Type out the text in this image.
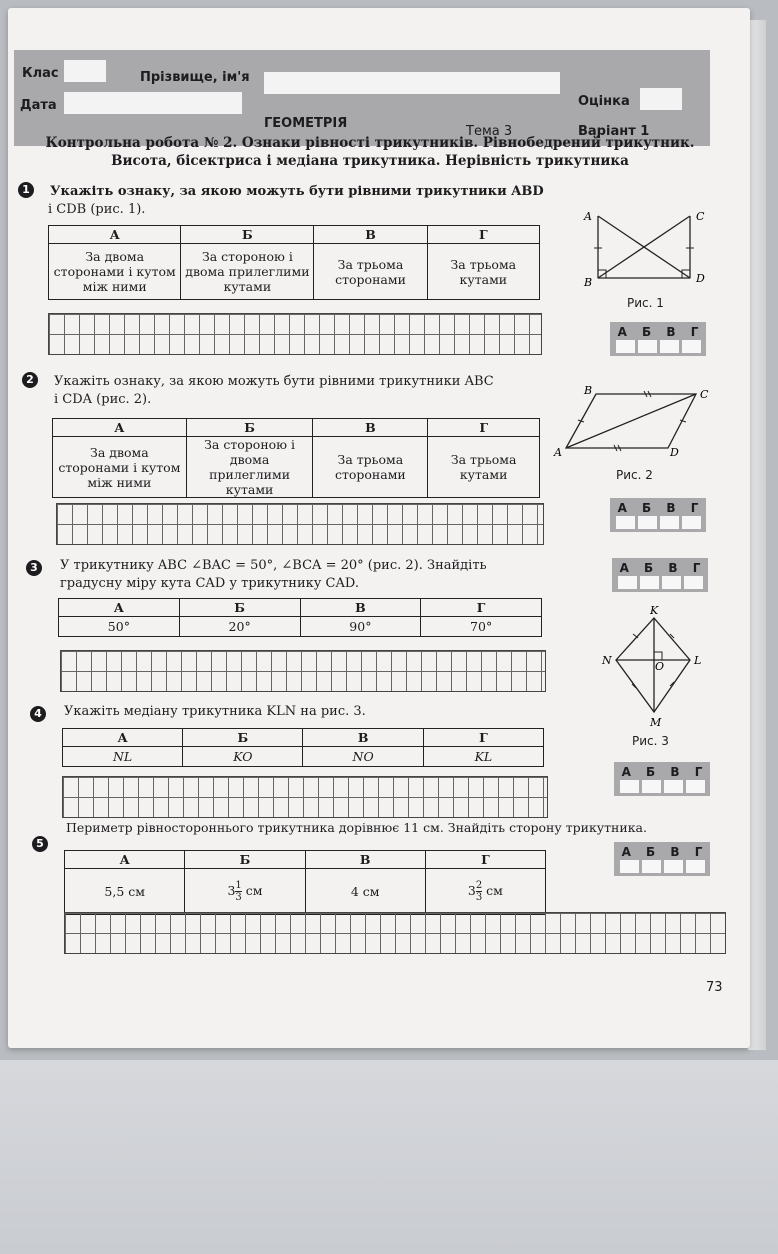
Клас	Прізвище, ім'я
Дата	Оцінка
ГЕОМЕТРІЯ
Тема 3	Варіант 1
Контрольна робота № 2. Ознаки рівності трикутників. Рівнобедрений трикутник.
Висота, бісектриса і медіана трикутника. Нерівність трикутника
1	Укажіть ознаку, за якою можуть бути рівними трикутники ABD
і CDB (рис. 1).
А	Б	В	Г
За двома сторонами і кутом між ними	За стороною і двома прилеглими кутами	За трьома сторонами	За трьома кутами
A	C
B	D
Рис. 1
А Б В Г
2	Укажіть ознаку, за якою можуть бути рівними трикутники ABC
і CDA (рис. 2).
А	Б	В	Г
За двома сторонами і кутом між ними	За стороною і двома прилеглими кутами	За трьома сторонами	За трьома кутами
B	C
A	D
Рис. 2
А Б В Г
3	У трикутнику ABC ∠BAC = 50°, ∠BCA = 20° (рис. 2). Знайдіть
градусну міру кута CAD у трикутнику CAD.
А	Б	В	Г
50°	20°	90°	70°
А Б В Г
K
N	L
O
M
Рис. 3
А Б В Г
4	Укажіть медіану трикутника KLN на рис. 3.
А	Б	В	Г
NL	KO	NO	KL
5
Периметр рівностороннього трикутника дорівнює 11 см. Знайдіть сторону трикутника.
А	Б	В	Г
5,5 см	$3 \frac{1}{3}$ см	4 см	$3 \frac{2}{3}$ см
А Б В Г
73
